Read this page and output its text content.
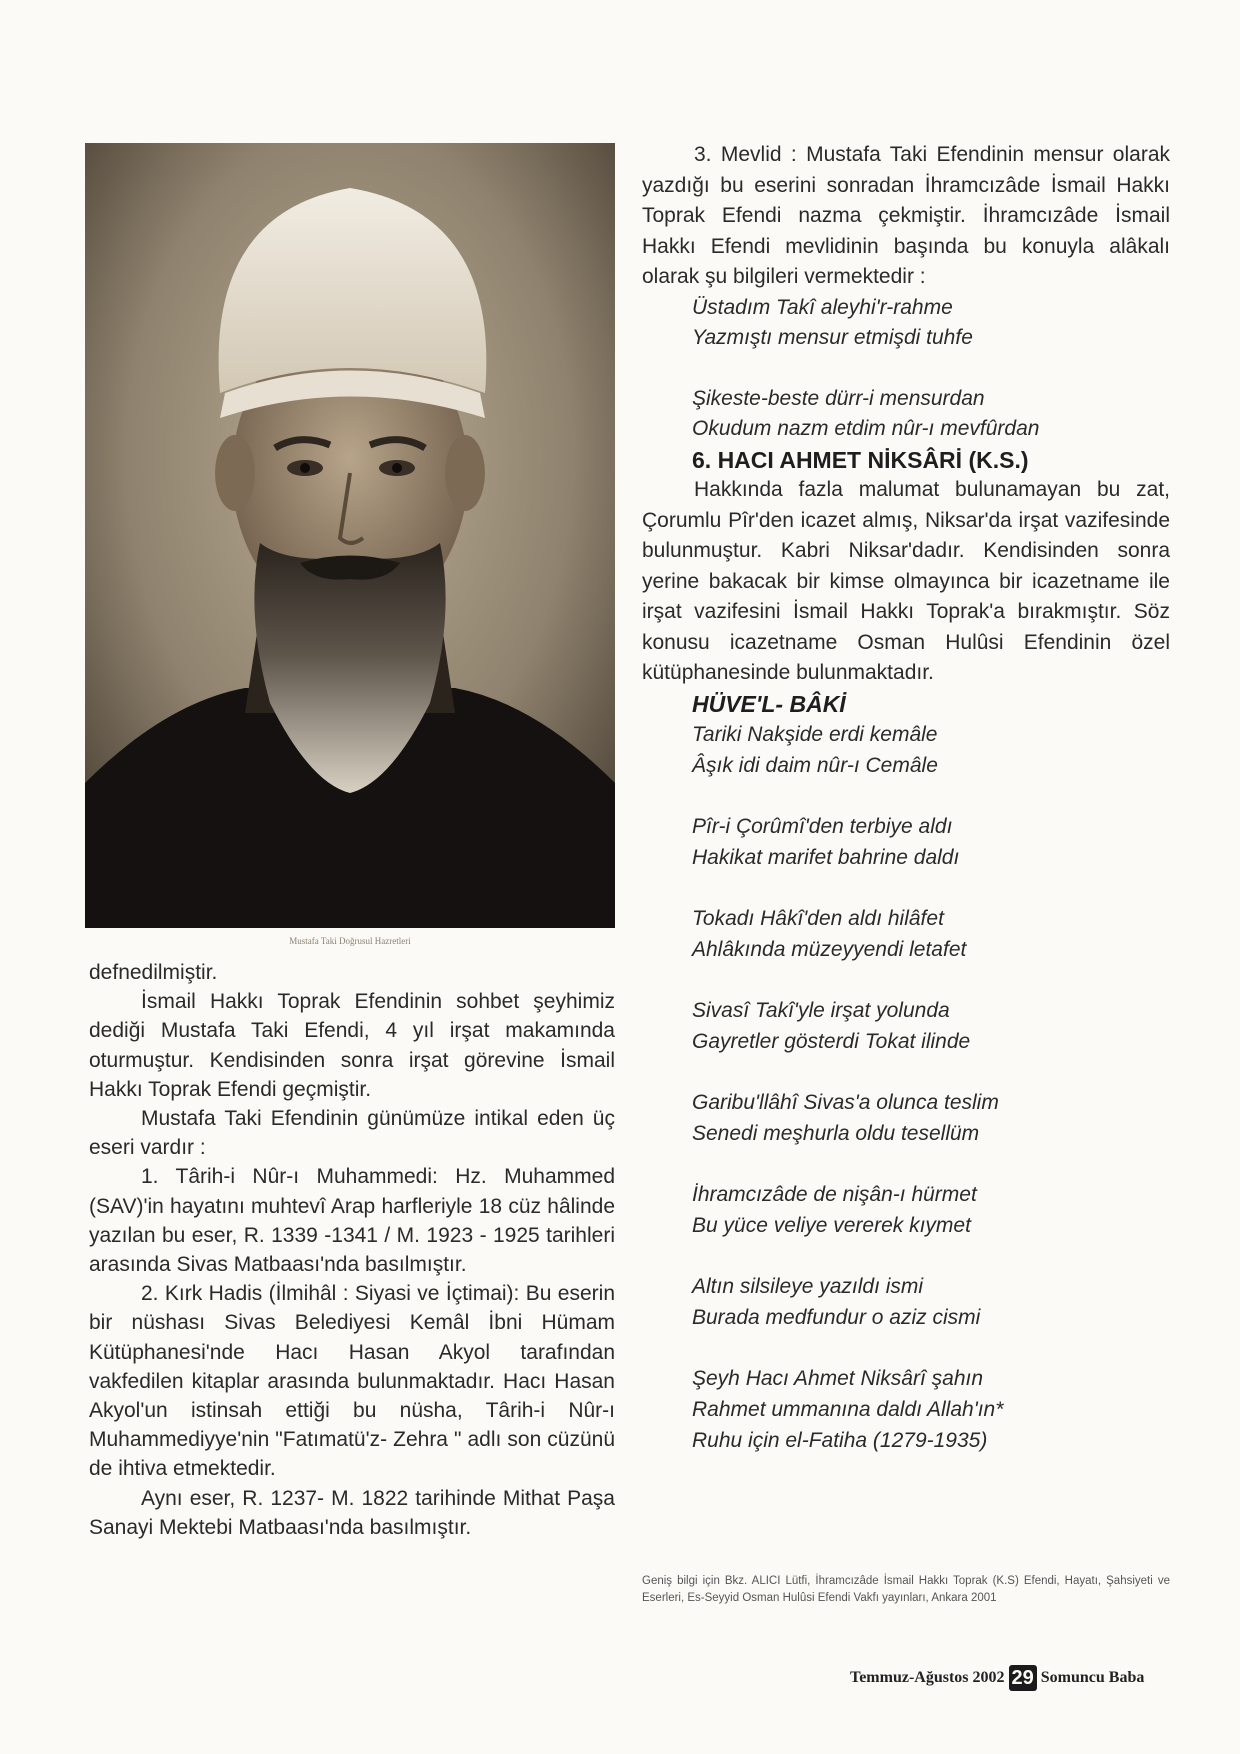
Mustafa Taki Doğrusul Hazretleri

defnedilmiştir.

İsmail Hakkı Toprak Efendinin sohbet şeyhimiz dediği Mustafa Taki Efendi, 4 yıl irşat makamında oturmuştur. Kendisinden sonra irşat görevine İsmail Hakkı Toprak Efendi geçmiştir.

Mustafa Taki Efendinin günümüze intikal eden üç eseri vardır :

1. Târih-i Nûr-ı Muhammedi: Hz. Muhammed (SAV)'in hayatını muhtevî Arap harfleriyle 18 cüz hâlinde yazılan bu eser, R. 1339 -1341 / M. 1923 - 1925 tarihleri arasında Sivas Matbaası'nda basılmıştır.

2. Kırk Hadis (İlmihâl : Siyasi ve İçtimai): Bu eserin bir nüshası Sivas Belediyesi Kemâl İbni Hümam Kütüphanesi'nde Hacı Hasan Akyol tarafından vakfedilen kitaplar arasında bulunmaktadır. Hacı Hasan Akyol'un istinsah ettiği bu nüsha, Târih-i Nûr-ı Muhammediyye'nin "Fatımatü'z- Zehra " adlı son cüzünü de ihtiva etmektedir.

Aynı eser, R. 1237- M. 1822 tarihinde Mithat Paşa Sanayi Mektebi Matbaası'nda basılmıştır.

3. Mevlid : Mustafa Taki Efendinin mensur olarak yazdığı bu eserini sonradan İhramcızâde İsmail Hakkı Toprak Efendi nazma çekmiştir. İhramcızâde İsmail Hakkı Efendi mevlidinin başında bu konuyla alâkalı olarak şu bilgileri vermektedir :

Üstadım Takî aleyhi'r-rahme
Yazmıştı mensur etmişdi tuhfe
Şikeste-beste dürr-i mensurdan
Okudum nazm etdim nûr-ı mevfûrdan
6. HACI AHMET NİKSÂRİ (K.S.)

Hakkında fazla malumat bulunamayan bu zat, Çorumlu Pîr'den icazet almış, Niksar'da irşat vazifesinde bulunmuştur. Kabri Niksar'dadır. Kendisinden sonra yerine bakacak bir kimse olmayınca bir icazetname ile irşat vazifesini İsmail Hakkı Toprak'a bırakmıştır. Söz konusu icazetname Osman Hulûsi Efendinin özel kütüphanesinde bulunmaktadır.

HÜVE'L- BÂKİ
Tariki Nakşide erdi kemâle
Âşık idi daim nûr-ı Cemâle
Pîr-i Çorûmî'den terbiye aldı
Hakikat marifet bahrine daldı
Tokadı Hâkî'den aldı hilâfet
Ahlâkında müzeyyendi letafet
Sivasî Takî'yle irşat yolunda
Gayretler gösterdi Tokat ilinde
Garibu'llâhî Sivas'a olunca teslim
Senedi meşhurla oldu tesellüm
İhramcızâde de nişân-ı hürmet
Bu yüce veliye vererek kıymet
Altın silsileye yazıldı ismi
Burada medfundur o aziz cismi
Şeyh Hacı Ahmet Niksârî şahın
Rahmet ummanına daldı Allah'ın*
Ruhu için el-Fatiha (1279-1935)
Geniş bilgi için Bkz. ALICI Lütfi, İhramcızâde İsmail Hakkı Toprak (K.S) Efendi, Hayatı, Şahsiyeti ve Eserleri, Es-Seyyid Osman Hulûsi Efendi Vakfı yayınları, Ankara 2001
Temmuz-Ağustos 2002 29 Somuncu Baba
